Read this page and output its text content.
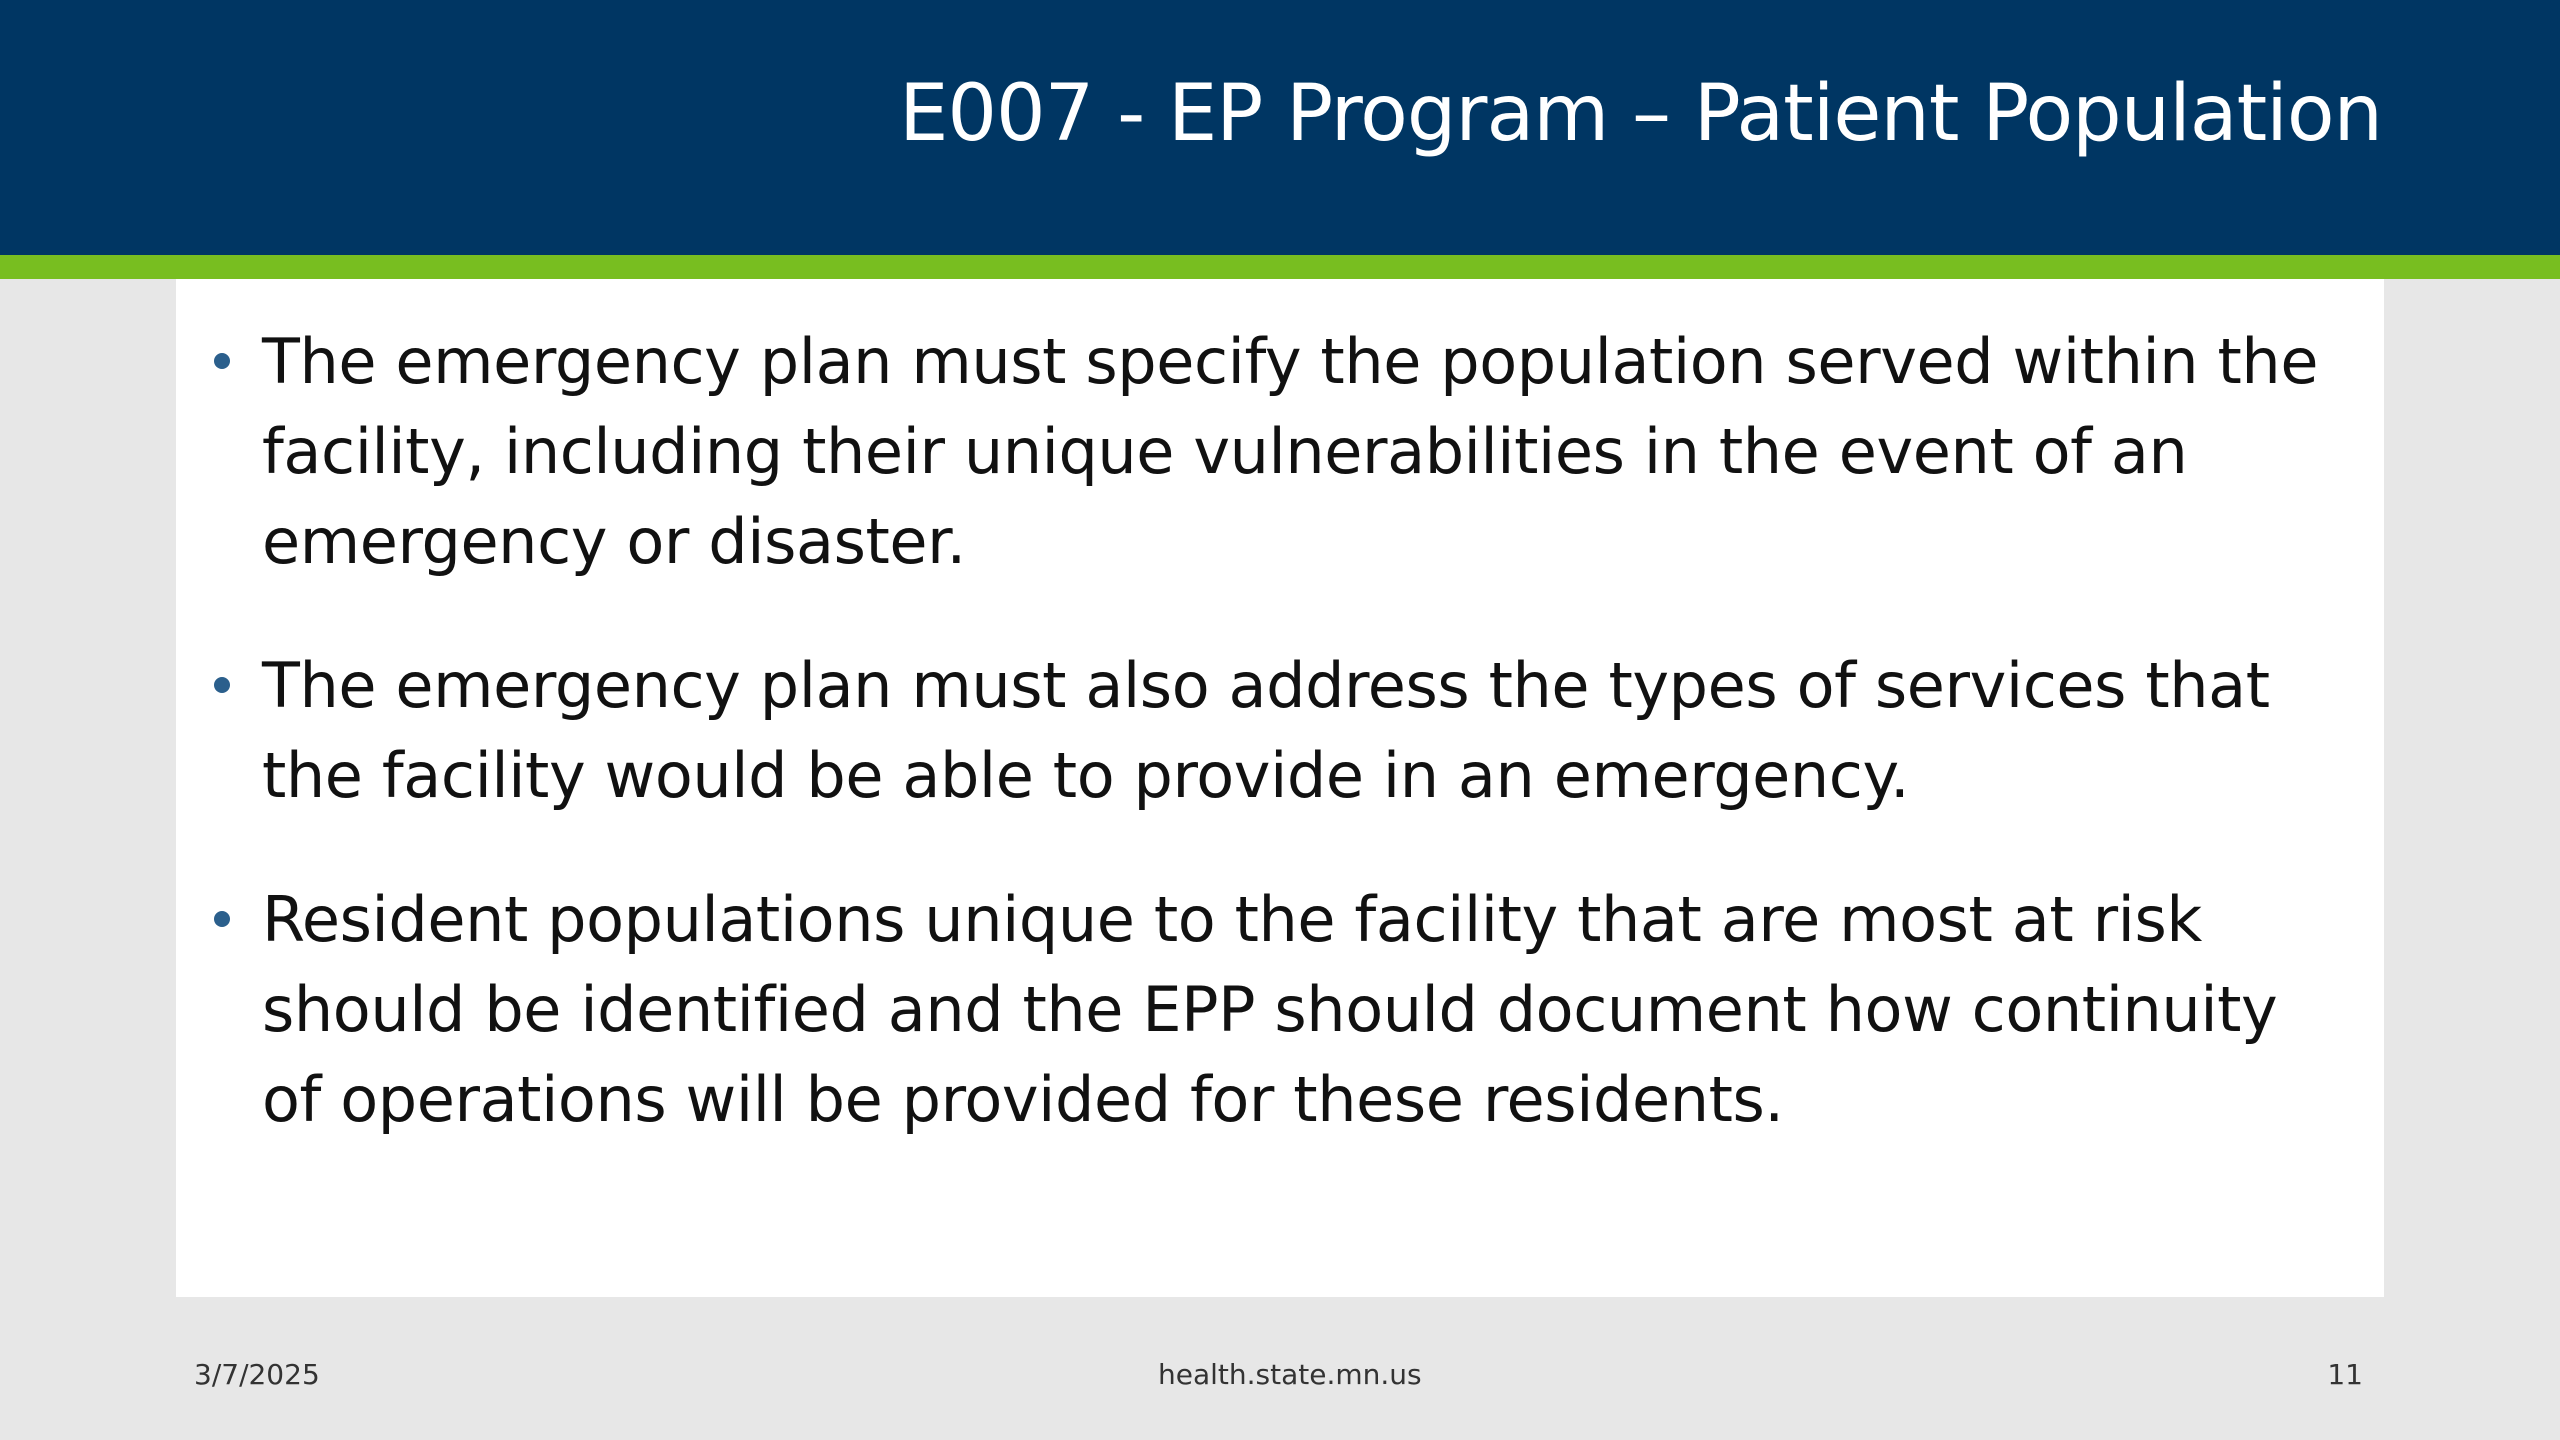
E007 - EP Program – Patient Population
The emergency plan must specify the population served within the facility, including their unique vulnerabilities in the event of an emergency or disaster.
The emergency plan must also address the types of services that the facility would be able to provide in an emergency.
Resident populations unique to the facility that are most at risk should be identified and the EPP should document how continuity of operations will be provided for these residents.
3/7/2025	health.state.mn.us	11
